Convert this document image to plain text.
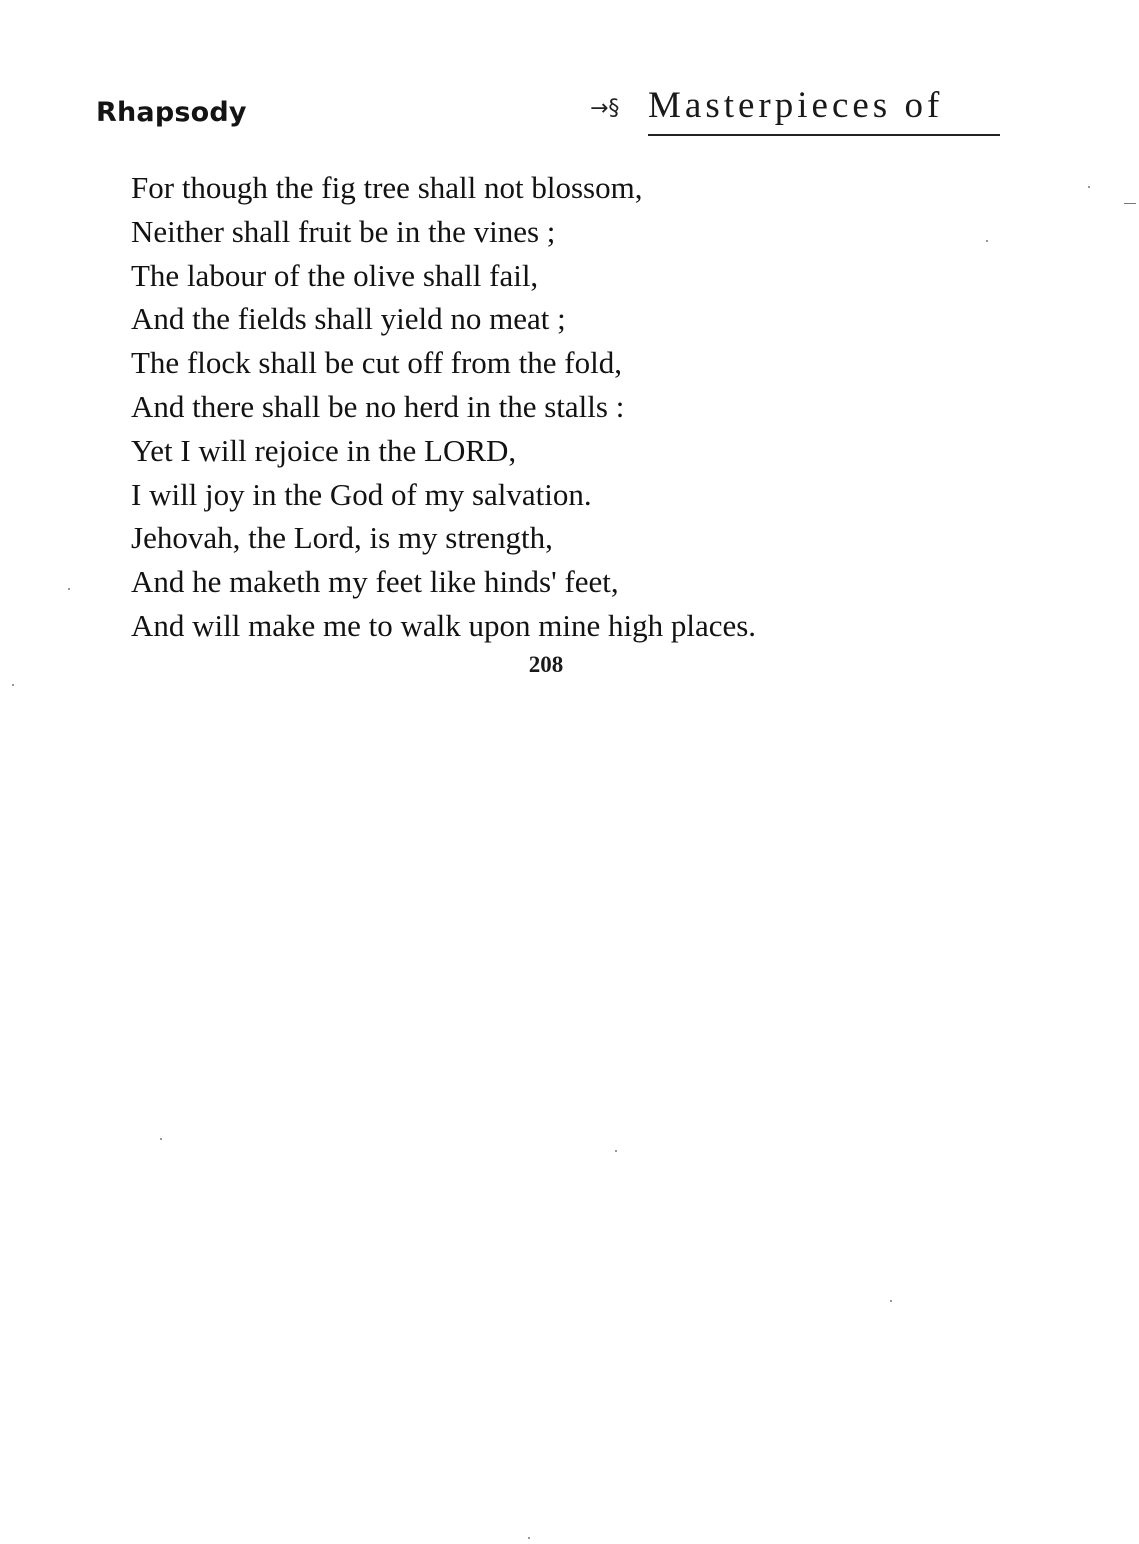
Rhapsody	→§ Masterpieces of
For though the fig tree shall not blossom,
Neither shall fruit be in the vines ;
The labour of the olive shall fail,
And the fields shall yield no meat ;
The flock shall be cut off from the fold,
And there shall be no herd in the stalls :
Yet I will rejoice in the LORD,
I will joy in the God of my salvation.
Jehovah, the Lord, is my strength,
And he maketh my feet like hinds' feet,
And will make me to walk upon mine high places.
208
